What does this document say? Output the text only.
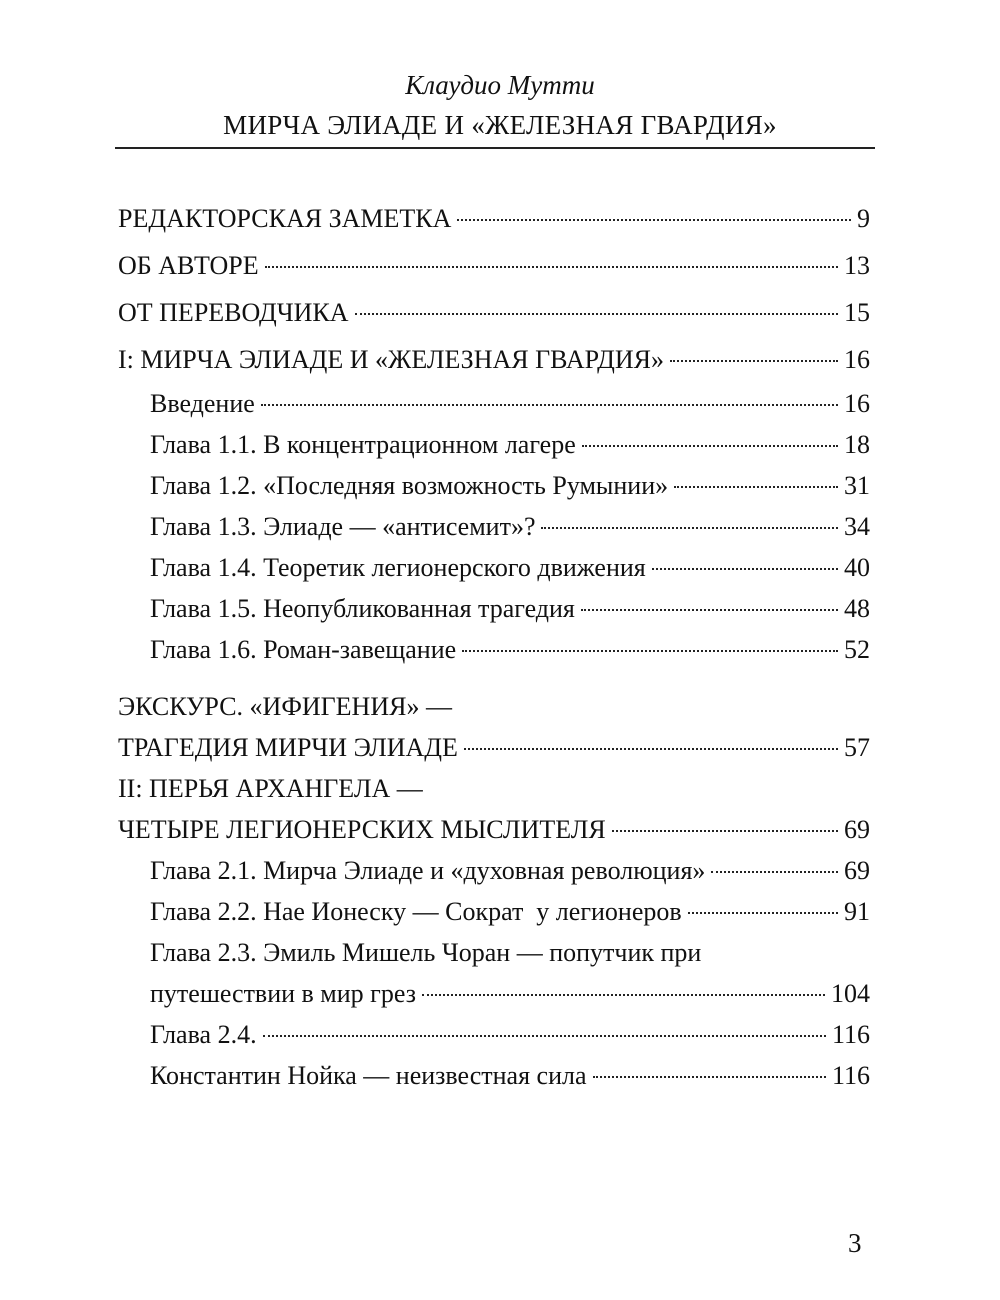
Клаудио Мутти
МИРЧА ЭЛИАДЕ И «ЖЕЛЕЗНАЯ ГВАРДИЯ»
РЕДАКТОРСКАЯ ЗАМЕТКА	9
ОБ АВТОРЕ	13
ОТ ПЕРЕВОДЧИКА	15
I: МИРЧА ЭЛИАДЕ И «ЖЕЛЕЗНАЯ ГВАРДИЯ»	16
Введение	16
Глава 1.1. В концентрационном лагере	18
Глава 1.2. «Последняя возможность Румынии»	31
Глава 1.3. Элиаде — «антисемит»?	34
Глава 1.4. Теоретик легионерского движения	40
Глава 1.5. Неопубликованная трагедия	48
Глава 1.6. Роман-завещание	52
ЭКСКУРС. «ИФИГЕНИЯ» —
ТРАГЕДИЯ МИРЧИ ЭЛИАДЕ	57
II: ПЕРЬЯ АРХАНГЕЛА —
ЧЕТЫРЕ ЛЕГИОНЕРСКИХ МЫСЛИТЕЛЯ	69
Глава 2.1. Мирча Элиаде и «духовная революция»	69
Глава 2.2. Нае Ионеску — Сократ  у легионеров	91
Глава 2.3. Эмиль Мишель Чоран — попутчик при
путешествии в мир грез	104
Глава 2.4.	116
Константин Нойка — неизвестная сила	116
3
